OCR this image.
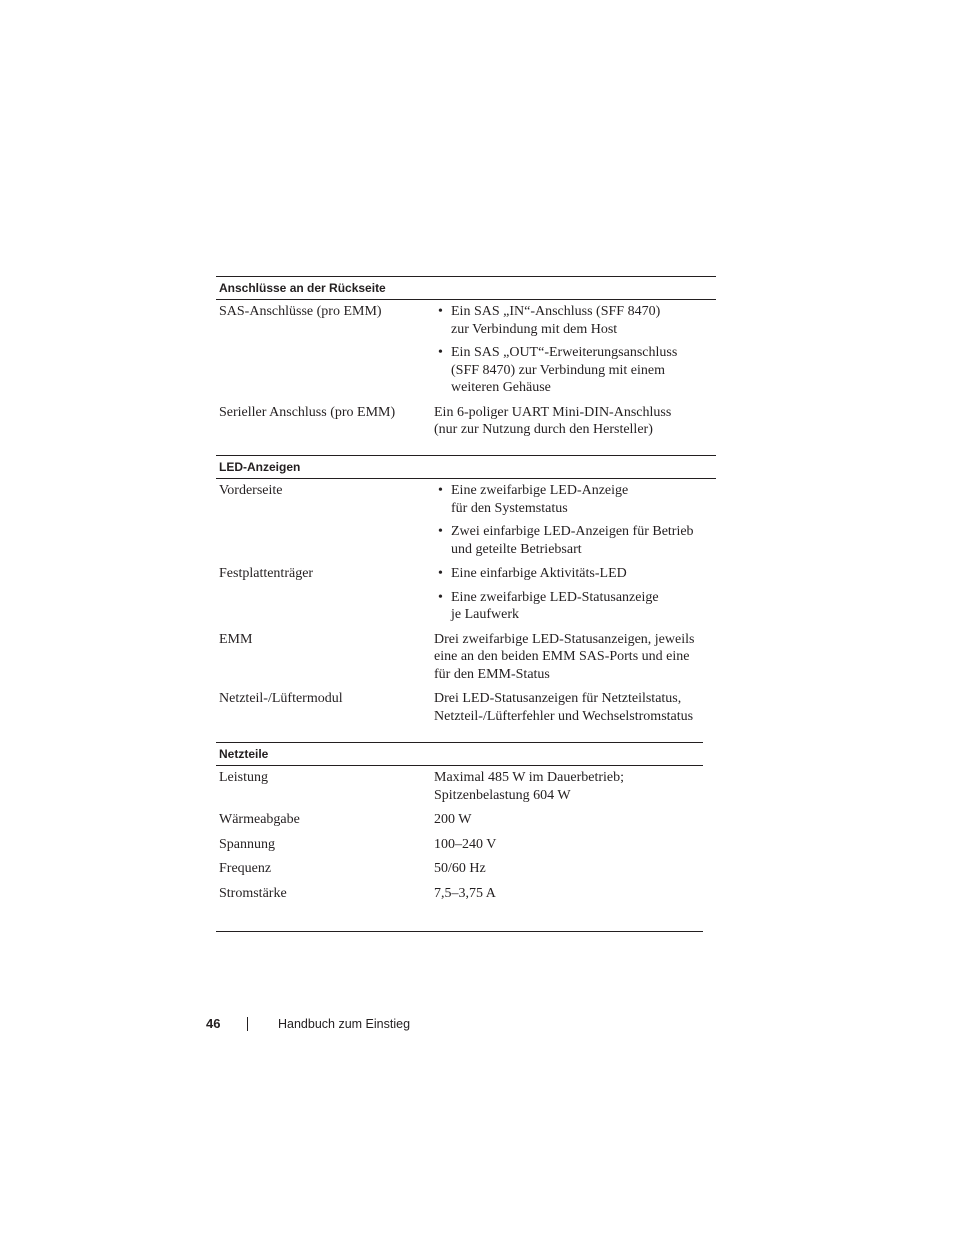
Anschlüsse an der Rückseite
SAS-Anschlüsse (pro EMM)	• Ein SAS „IN“-Anschluss (SFF 8470)
zur Verbindung mit dem Host
• Ein SAS „OUT“-Erweiterungsanschluss
(SFF 8470) zur Verbindung mit einem
weiteren Gehäuse
Serieller Anschluss (pro EMM)	Ein 6-poliger UART Mini-DIN-Anschluss
(nur zur Nutzung durch den Hersteller)
LED-Anzeigen
Vorderseite	• Eine zweifarbige LED-Anzeige
für den Systemstatus
• Zwei einfarbige LED-Anzeigen für Betrieb
und geteilte Betriebsart
Festplattenträger	• Eine einfarbige Aktivitäts-LED
• Eine zweifarbige LED-Statusanzeige
je Laufwerk
EMM	Drei zweifarbige LED-Statusanzeigen, jeweils
eine an den beiden EMM SAS-Ports und eine
für den EMM-Status
Netzteil-/Lüftermodul	Drei LED-Statusanzeigen für Netzteilstatus,
Netzteil-/Lüfterfehler und Wechselstromstatus
Netzteile
Leistung	Maximal 485 W im Dauerbetrieb;
Spitzenbelastung 604 W
Wärmeabgabe	200 W
Spannung	100–240 V
Frequenz	50/60 Hz
Stromstärke	7,5–3,75 A
46	Handbuch zum Einstieg
